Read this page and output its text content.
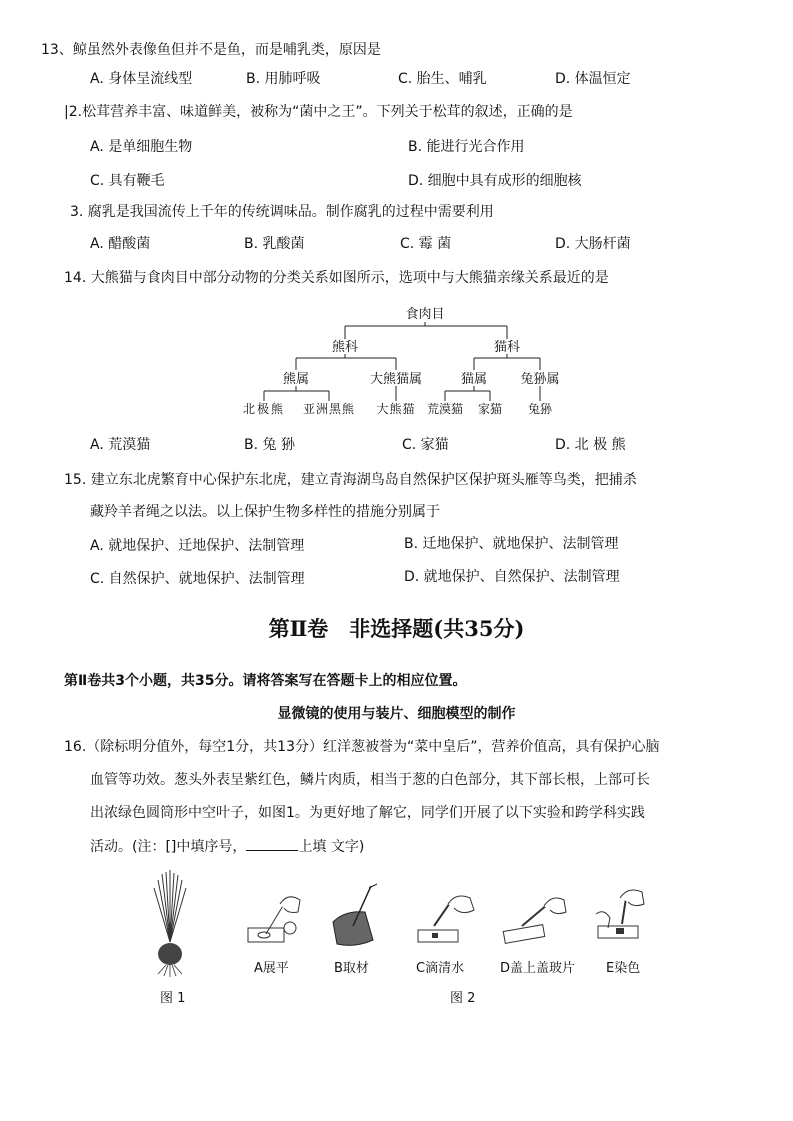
13、鲸虽然外表像鱼但并不是鱼，而是哺乳类，原因是
A. 身体呈流线型	B. 用肺呼吸	C. 胎生、哺乳	D. 体温恒定
|2.松茸营养丰富、味道鲜美，被称为“菌中之王”。下列关于松茸的叙述，正确的是
A. 是单细胞生物	B. 能进行光合作用
C. 具有鞭毛	D. 细胞中具有成形的细胞核
3. 腐乳是我国流传上千年的传统调味品。制作腐乳的过程中需要利用
A. 醋酸菌	B. 乳酸菌	C. 霉 菌	D. 大肠杆菌
14. 大熊猫与食肉目中部分动物的分类关系如图所示，选项中与大熊猫亲缘关系最近的是
食肉目
熊科	猫科
熊属	大熊猫属	猫属	兔狲属
北极熊 亚洲黑熊 大熊猫 荒漠猫 家猫 兔狲
A. 荒漠猫	B. 兔 狲	C. 家猫	D. 北 极 熊
15. 建立东北虎繁育中心保护东北虎，建立青海湖鸟岛自然保护区保护斑头雁等鸟类，把捕杀
藏羚羊者绳之以法。以上保护生物多样性的措施分别属于
A. 就地保护、迁地保护、法制管理	B. 迁地保护、就地保护、法制管理
C. 自然保护、就地保护、法制管理	D. 就地保护、自然保护、法制管理
第Ⅱ卷　非选择题(共35分)
第Ⅱ卷共3个小题，共35分。请将答案写在答题卡上的相应位置。
显微镜的使用与装片、细胞模型的制作
16.（除标明分值外，每空1分，共13分）红洋葱被誉为“菜中皇后”，营养价值高，具有保护心脑
血管等功效。葱头外表呈紫红色，鳞片肉质，相当于葱的白色部分，其下部长根，上部可长
出浓绿色圆筒形中空叶子，如图1。为更好地了解它，同学们开展了以下实验和跨学科实践
活动。(注：[]中填序号，	上填 文字)
图 1
A展平	B取材	C滴清水	D盖上盖玻片 E染色
图 2
